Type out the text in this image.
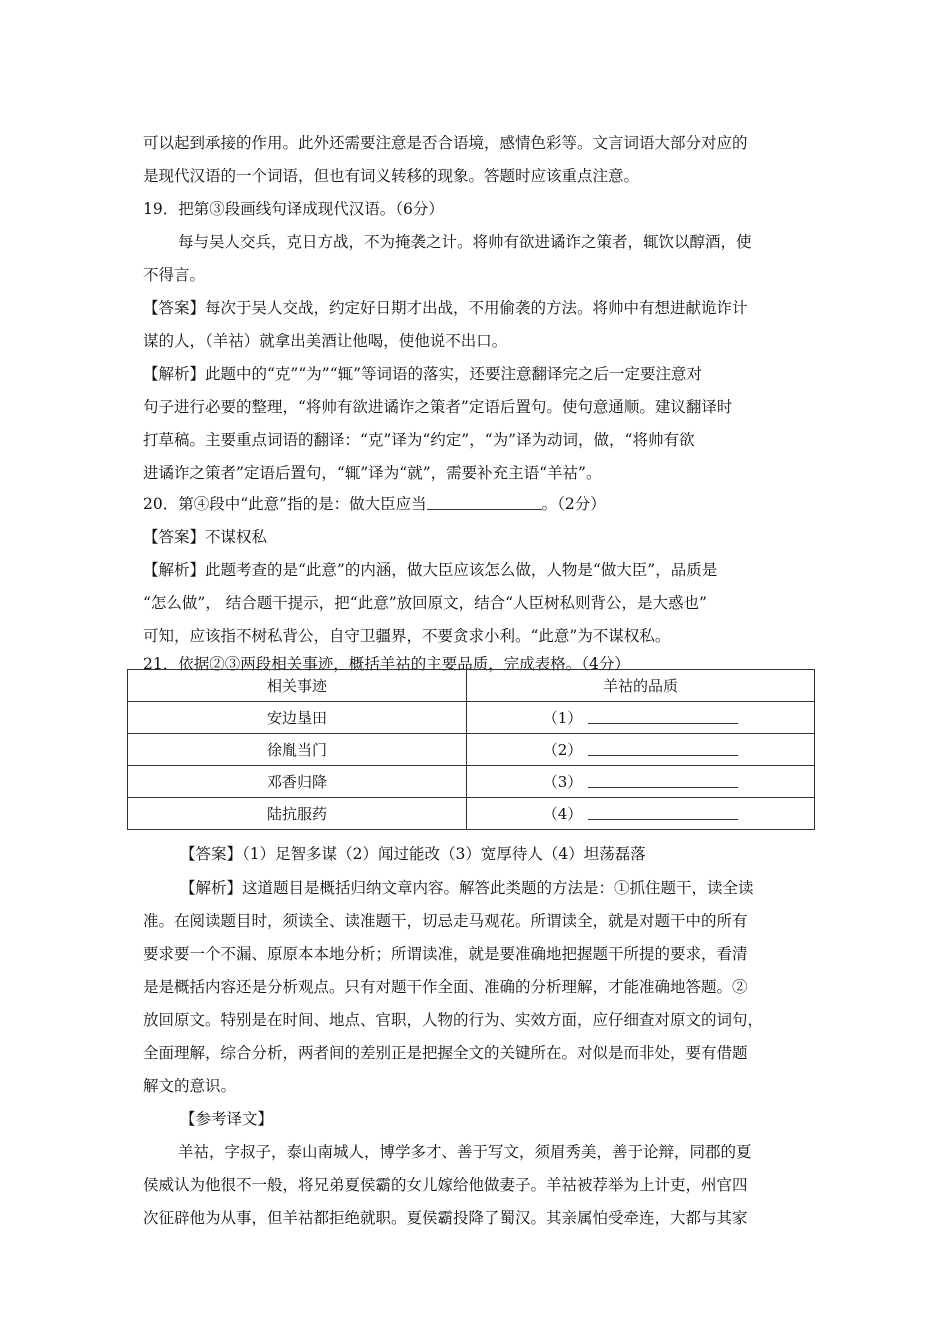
可以起到承接的作用。此外还需要注意是否合语境，感情色彩等。文言词语大部分对应的
是现代汉语的一个词语，但也有词义转移的现象。答题时应该重点注意。
19．把第③段画线句译成现代汉语。（6分）
每与吴人交兵，克日方战，不为掩袭之计。将帅有欲进谲诈之策者，辄饮以醇酒，使
不得言。
【答案】每次于吴人交战，约定好日期才出战，不用偷袭的方法。将帅中有想进献诡诈计
谋的人，（羊祜）就拿出美酒让他喝，使他说不出口。
【解析】此题中的“克”“为”“辄”等词语的落实，还要注意翻译完之后一定要注意对
句子进行必要的整理，“将帅有欲进谲诈之策者”定语后置句。使句意通顺。建议翻译时
打草稿。主要重点词语的翻译：“克”译为“约定”，“为”译为动词，做，“将帅有欲
进谲诈之策者”定语后置句，“辄”译为“就”，需要补充主语“羊祜”。
20．第④段中“此意”指的是：做大臣应当	。（2分）
【答案】不谋权私
【解析】此题考查的是“此意”的内涵，做大臣应该怎么做，人物是“做大臣”，品质是
“怎么做”， 结合题干提示，把“此意”放回原文，结合“人臣树私则背公，是大惑也”
可知，应该指不树私背公，自守卫疆界，不要贪求小利。“此意”为不谋权私。
21．依据②③两段相关事迹，概括羊祜的主要品质，完成表格。（4分）
相关事迹	羊祜的品质
安边垦田	（1）
徐胤当门	（2）
邓香归降	（3）
陆抗服药	（4）
【答案】（1）足智多谋（2）闻过能改（3）宽厚待人（4）坦荡磊落
【解析】这道题目是概括归纳文章内容。解答此类题的方法是：①抓住题干，读全读
准。在阅读题目时，须读全、读准题干，切忌走马观花。所谓读全，就是对题干中的所有
要求要一个不漏、原原本本地分析；所谓读准，就是要准确地把握题干所提的要求，看清
是是概括内容还是分析观点。只有对题干作全面、准确的分析理解，才能准确地答题。②
放回原文。特别是在时间、地点、官职，人物的行为、实效方面，应仔细查对原文的词句，
全面理解，综合分析，两者间的差别正是把握全文的关键所在。对似是而非处，要有借题
解文的意识。
【参考译文】
羊祜，字叔子，泰山南城人，博学多才、善于写文，须眉秀美，善于论辩，同郡的夏
侯威认为他很不一般，将兄弟夏侯霸的女儿嫁给他做妻子。羊祜被荐举为上计吏，州官四
次征辟他为从事，但羊祜都拒绝就职。夏侯霸投降了蜀汉。其亲属怕受牵连，大都与其家
